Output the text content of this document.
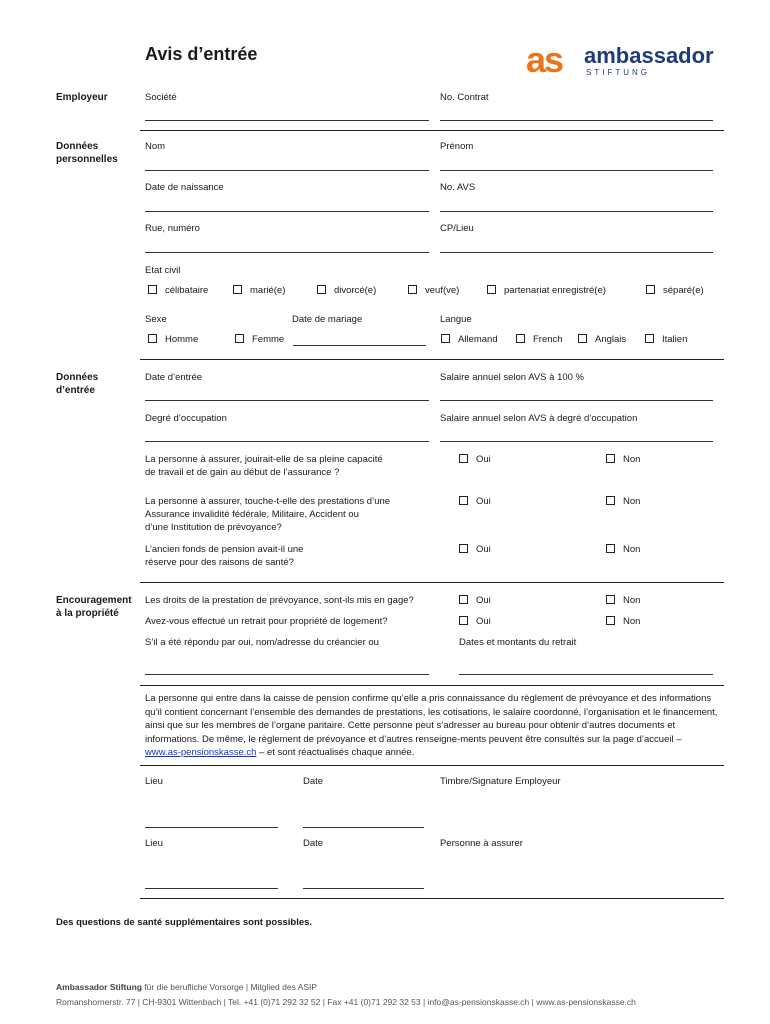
Avis d’entrée	as ambassador
STIFTUNG
Employeur	Société	No. Contrat
Données
personnelles
Nom	Prénom
Date de naissance	No. AVS
Rue, numéro	CP/Lieu
Etat civil
célibataire	marié(e)	divorcé(e)	veuf(ve)	partenariat enregistré(e)	séparé(e)
Sexe	Date de mariage	Langue
Homme	Femme	Allemand	French	Anglais	Italien
Données
d’entrée
Date d’entrée	Salaire annuel selon AVS à 100 %
Degré d’occupation	Salaire annuel selon AVS à degré d’occupation
La personne à assurer, jouirait-elle de sa pleine capacité
de travail et de gain au début de l’assurance ?
Oui	Non
La personne à assurer, touche-t-elle des prestations d’une
Assurance invalidité fédérale, Militaire, Accident ou
d’une Institution de prévoyance?
Oui	Non
L’ancien fonds de pension avait-il une
réserve pour des raisons de santé?
Oui	Non
Encouragement
à la propriété
Les droits de la prestation de prévoyance, sont-ils mis en gage?	Oui	Non
Avez-vous effectué un retrait pour propriété de logement?	Oui	Non
S’il a été répondu par oui, nom/adresse du créancier ou	Dates et montants du retrait
La personne qui entre dans la caisse de pension confirme qu’elle a pris connaissance du règlement de prévoyance et des informations qu’il contient concernant l’ensemble des demandes de prestations, les cotisations, le salaire coordonné, l’organisation et le financement, ainsi que sur les membres de l’organe paritaire. Cette personne peut s’adresser au bureau pour obtenir d’autres documents et informations. De même, le règlement de prévoyance et d’autres renseigne-ments peuvent être consultés sur la page d’accueil – www.as-pensionskasse.ch – et sont réactualisés chaque année.
Lieu	Date	Timbre/Signature Employeur
Lieu	Date	Personne à assurer
Des questions de santé supplémentaires sont possibles.
Ambassador Stiftung für die berufliche Vorsorge | Mitglied des ASIP
Romanshornerstr. 77 | CH-9301 Wittenbach | Tel. +41 (0)71 292 32 52 | Fax +41 (0)71 292 32 53 | info@as-pensionskasse.ch | www.as-pensionskasse.ch
